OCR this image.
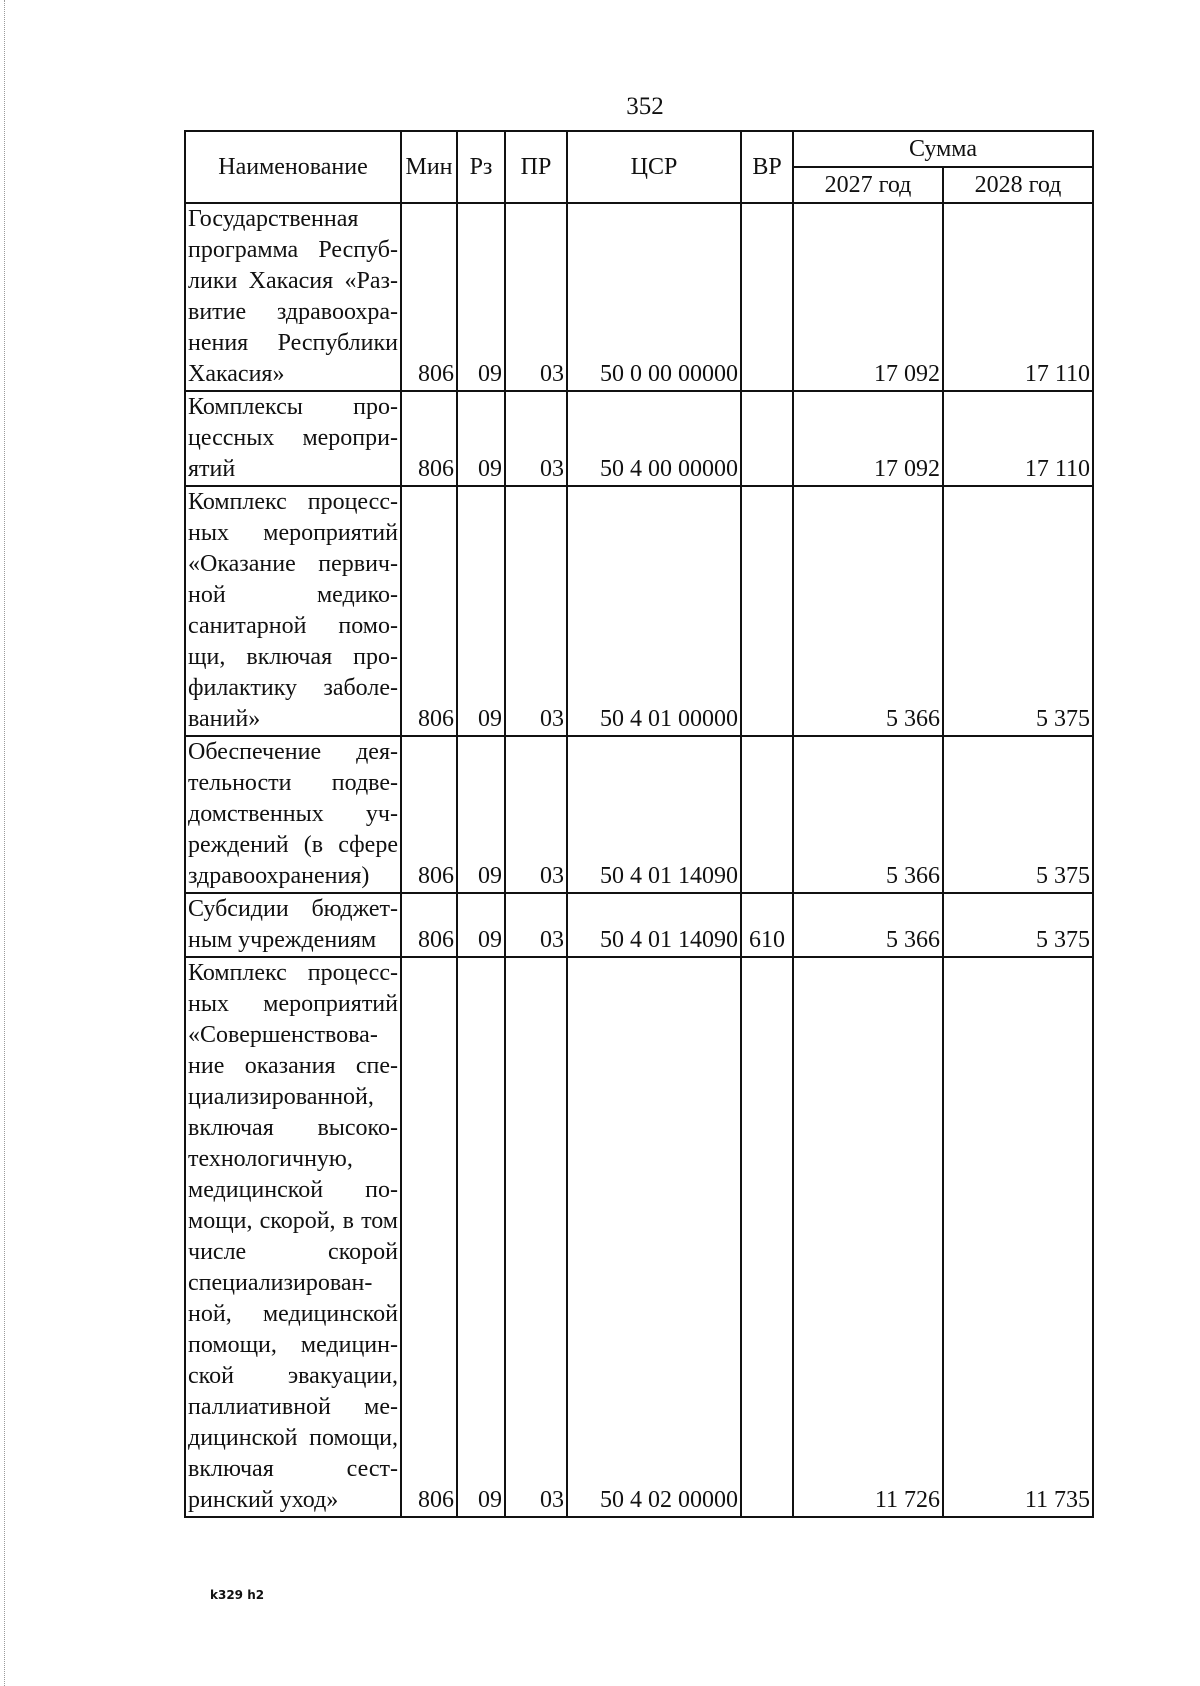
352
Наименование	Мин	Рз	ПР	ЦСР	ВР	Сумма	
						2027 год	2028 год
Государственная программа Республики Хакасия «Развитие здравоохранения Республики Хакасия»	806	09	03	50 0 00 00000		17 092	17 110
Комплексы процессных мероприятий	806	09	03	50 4 00 00000		17 092	17 110
Комплекс процессных мероприятий «Оказание первичной медико-санитарной помощи, включая профилактику заболеваний»	806	09	03	50 4 01 00000		5 366	5 375
Обеспечение деятельности подведомственных учреждений (в сфере здравоохранения)	806	09	03	50 4 01 14090		5 366	5 375
Субсидии бюджетным учреждениям	806	09	03	50 4 01 14090	610	5 366	5 375
Комплекс процессных мероприятий «Совершенствование оказания специализированной, включая высокотехнологичную, медицинской помощи, скорой, в том числе скорой специализированной, медицинской помощи, медицинской эвакуации, паллиативной медицинской помощи, включая сестринский уход»	806	09	03	50 4 02 00000		11 726	11 735
k329 h2
